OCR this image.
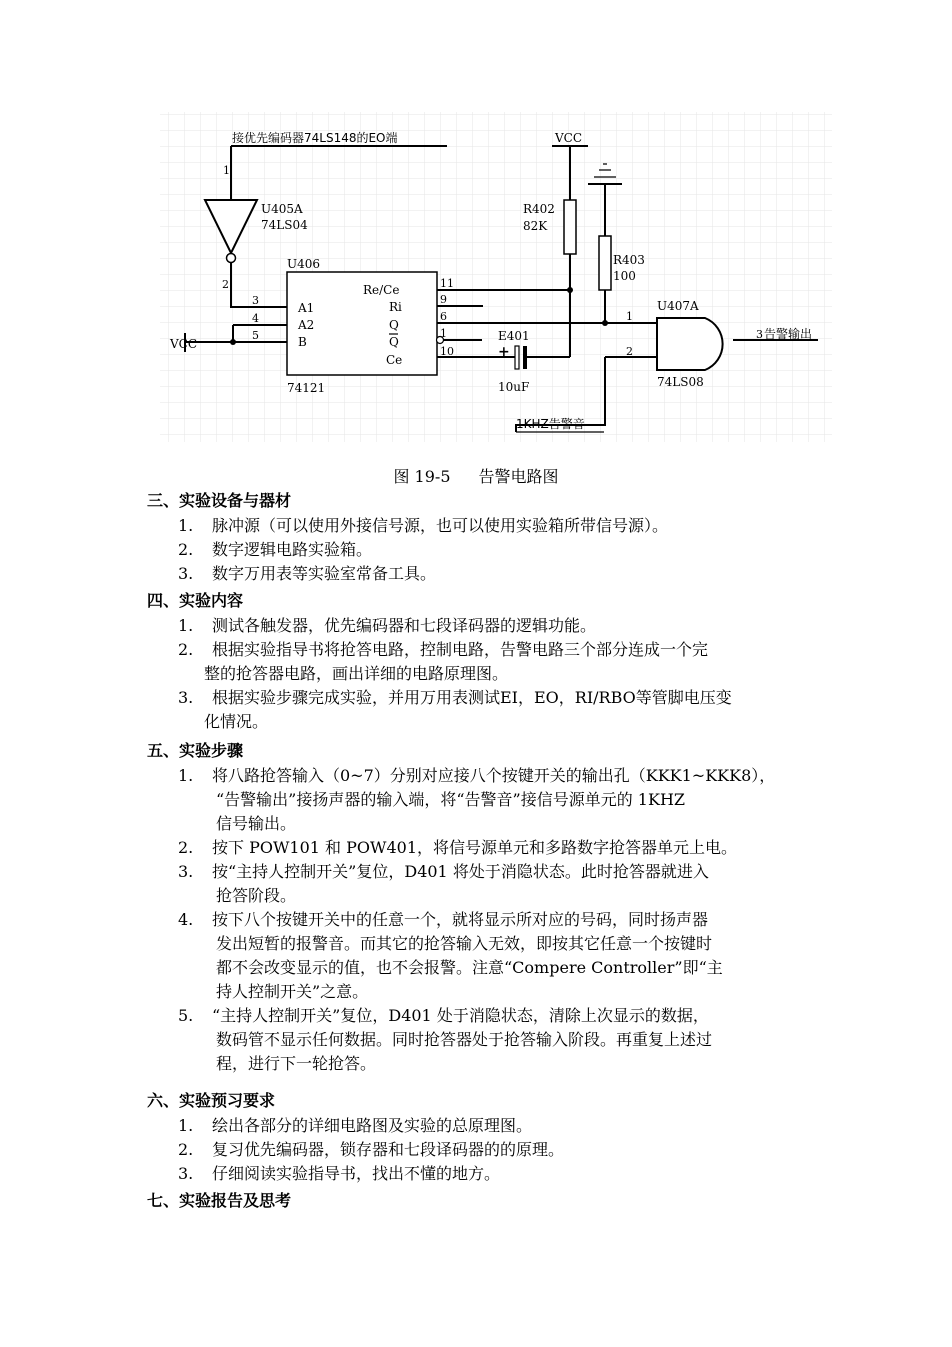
接优先编码器74LS148的EO端
1
U405A
74LS04
2
U406
74121
VCC
3
4
5
A1
A2
B
Re/Ce
Ri
Q
Q
Ce
11
9
6
1
10
VCC
R402
82K
+
E401
10uF
R403
100
U407A
74LS08
1
2
3 告警输出
1KHZ告警音
图 19-5 告警电路图
三、实验设备与器材
1. 脉冲源（可以使用外接信号源，也可以使用实验箱所带信号源）。
2. 数字逻辑电路实验箱。
3. 数字万用表等实验室常备工具。
四、实验内容
1. 测试各触发器，优先编码器和七段译码器的逻辑功能。
2. 根据实验指导书将抢答电路，控制电路，告警电路三个部分连成一个完
整的抢答器电路，画出详细的电路原理图。
3. 根据实验步骤完成实验，并用万用表测试EI，EO，RI/RBO等管脚电压变
化情况。
五、实验步骤
1. 将八路抢答输入（0~7）分别对应接八个按键开关的输出孔（KKK1~KKK8），
“告警输出”接扬声器的输入端，将“告警音”接信号源单元的 1KHZ
信号输出。
2. 按下 POW101 和 POW401，将信号源单元和多路数字抢答器单元上电。
3. 按“主持人控制开关”复位，D401 将处于消隐状态。此时抢答器就进入
抢答阶段。
4. 按下八个按键开关中的任意一个，就将显示所对应的号码，同时扬声器
发出短暂的报警音。而其它的抢答输入无效，即按其它任意一个按键时
都不会改变显示的值，也不会报警。注意“Compere Controller”即“主
持人控制开关”之意。
5. “主持人控制开关”复位，D401 处于消隐状态，清除上次显示的数据，
数码管不显示任何数据。同时抢答器处于抢答输入阶段。再重复上述过
程，进行下一轮抢答。
六、实验预习要求
1. 绘出各部分的详细电路图及实验的总原理图。
2. 复习优先编码器，锁存器和七段译码器的的原理。
3. 仔细阅读实验指导书，找出不懂的地方。
七、实验报告及思考
